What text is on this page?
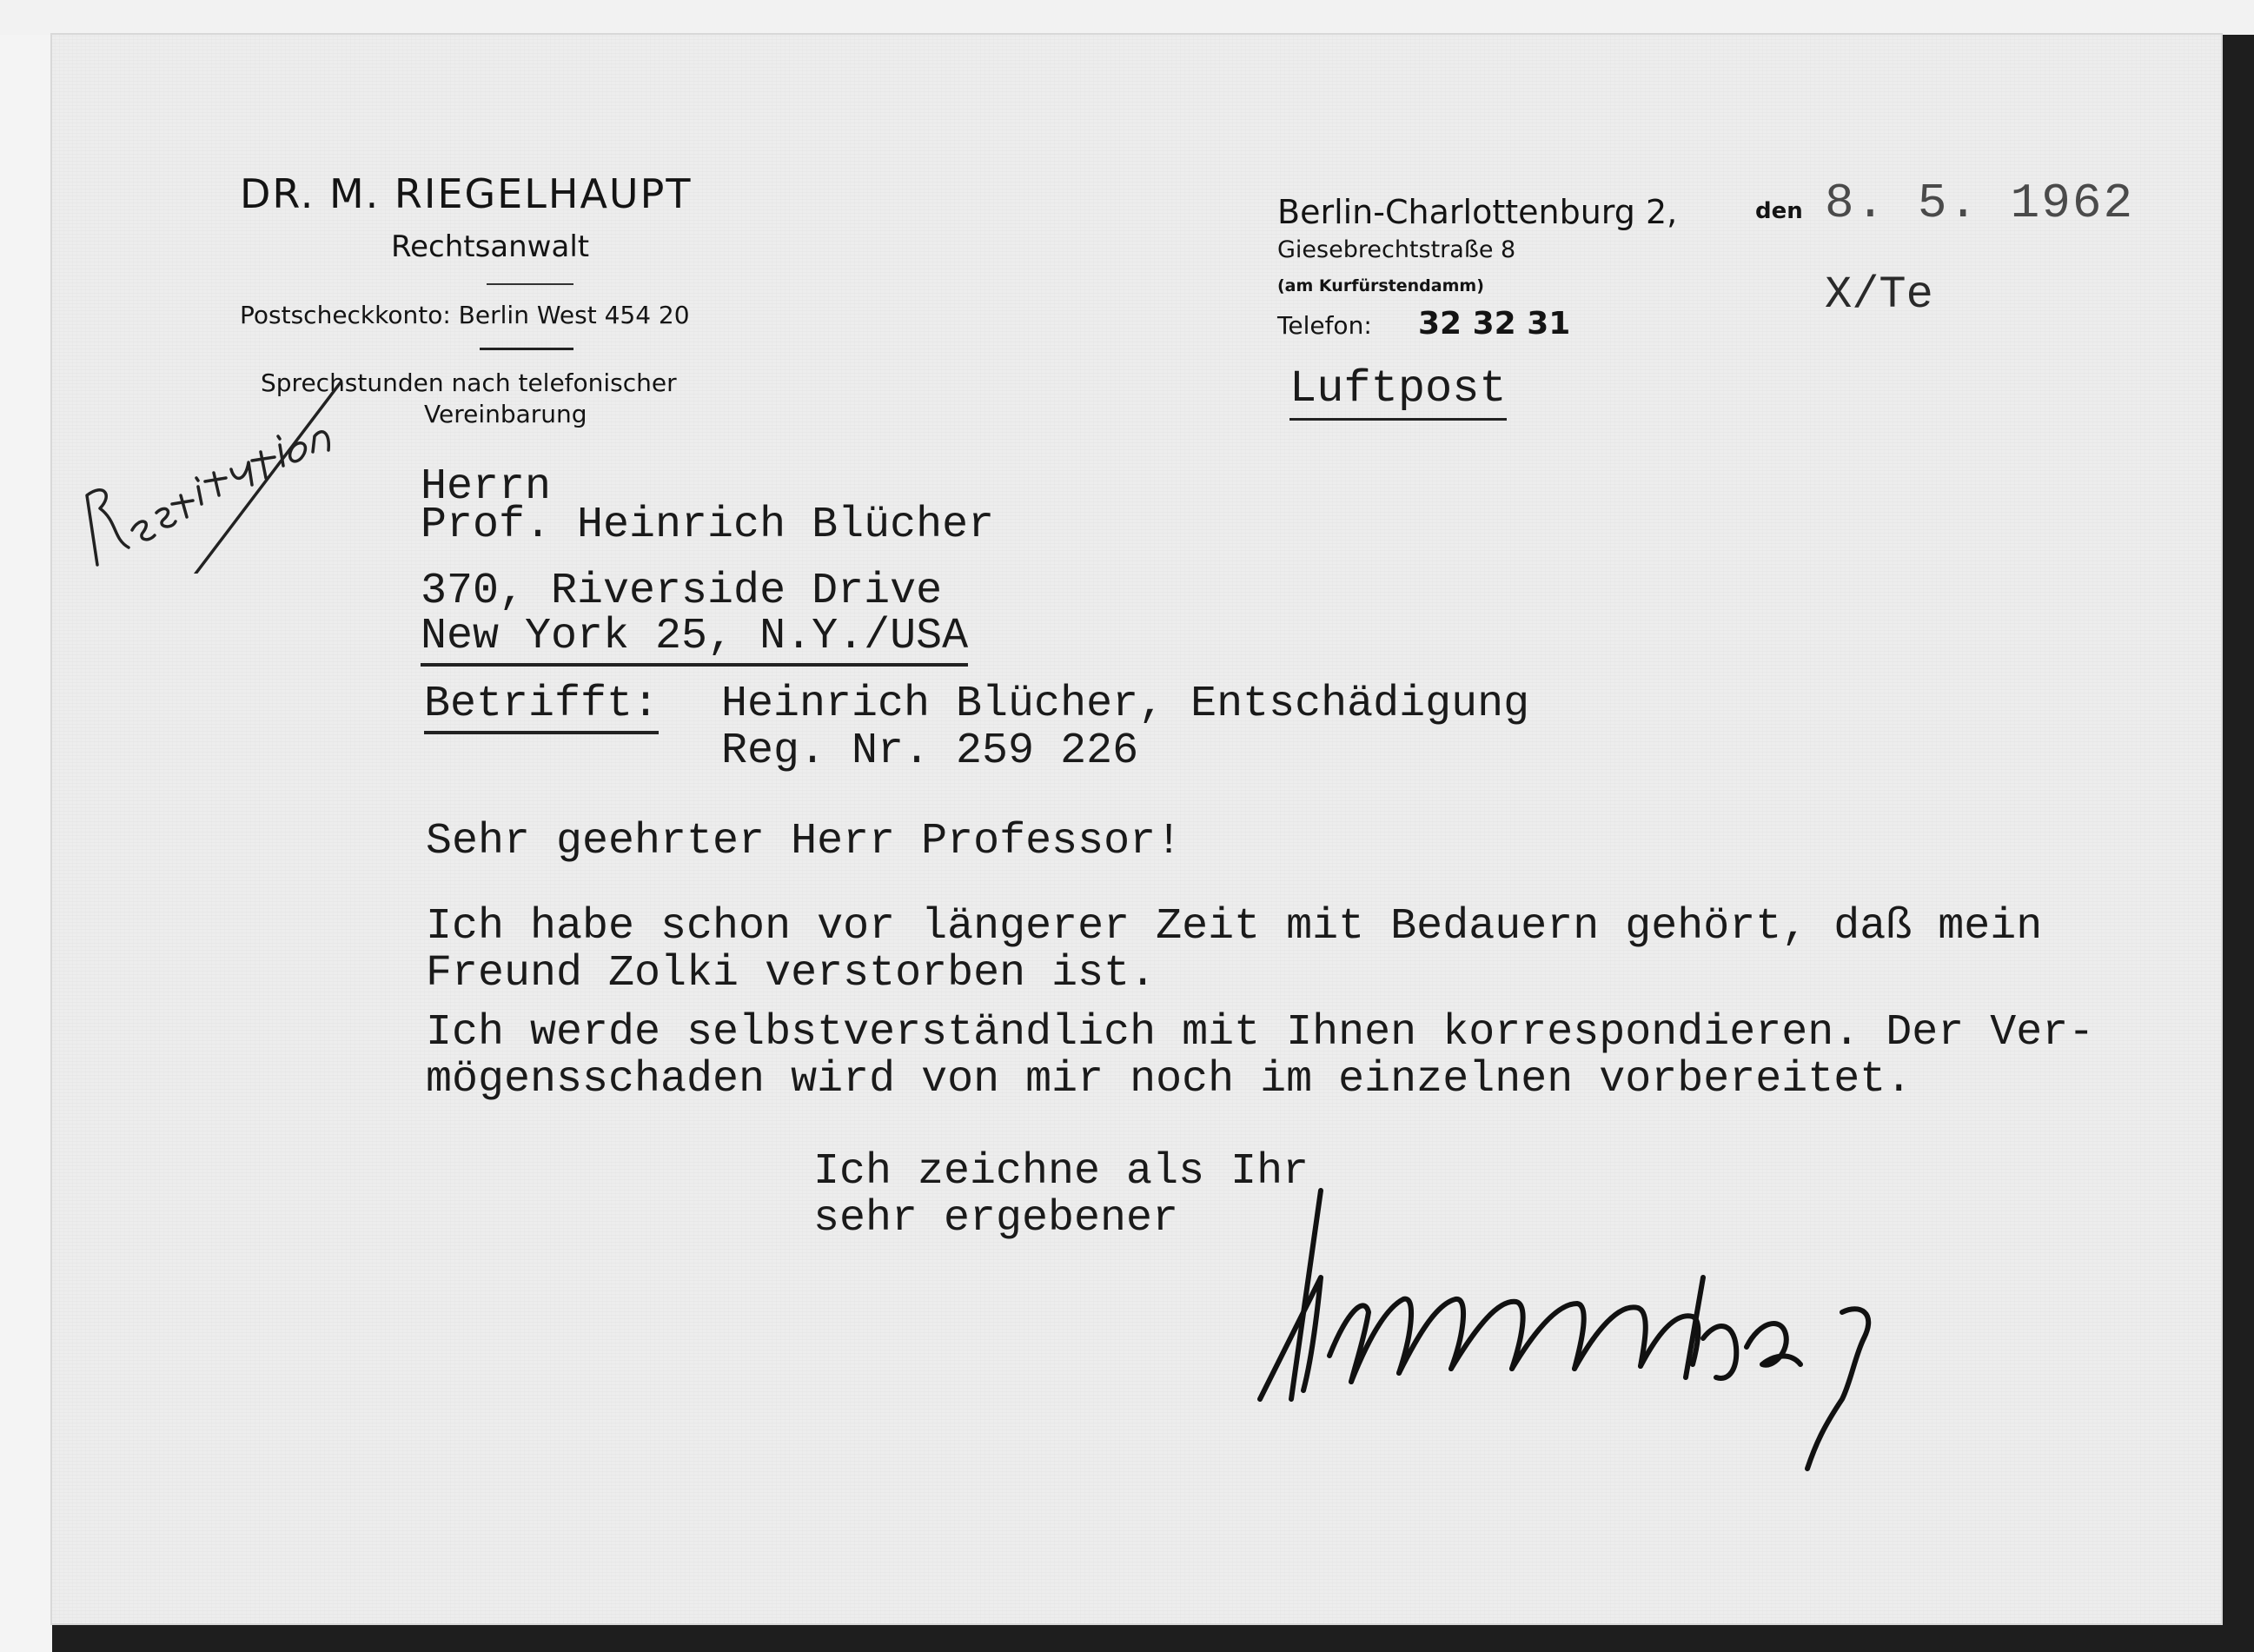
DR. M. RIEGELHAUPT
Rechtsanwalt
Postscheckkonto: Berlin West 454 20
Sprechstunden nach telefonischer
Vereinbarung
Berlin-Charlottenburg 2,	den 8. 5. 1962
Giesebrechtstraße 8
(am Kurfürstendamm)
Telefon: 32 32 31
X/Te
Luftpost
Herrn
Prof. Heinrich Blücher
370, Riverside Drive
New York 25, N.Y./USA
Betrifft: Heinrich Blücher, Entschädigung
Reg. Nr. 259 226
Sehr geehrter Herr Professor!
Ich habe schon vor längerer Zeit mit Bedauern gehört, daß mein
Freund Zolki verstorben ist.
Ich werde selbstverständlich mit Ihnen korrespondieren. Der Ver-
mögensschaden wird von mir noch im einzelnen vorbereitet.
Ich zeichne als Ihr
sehr ergebener
